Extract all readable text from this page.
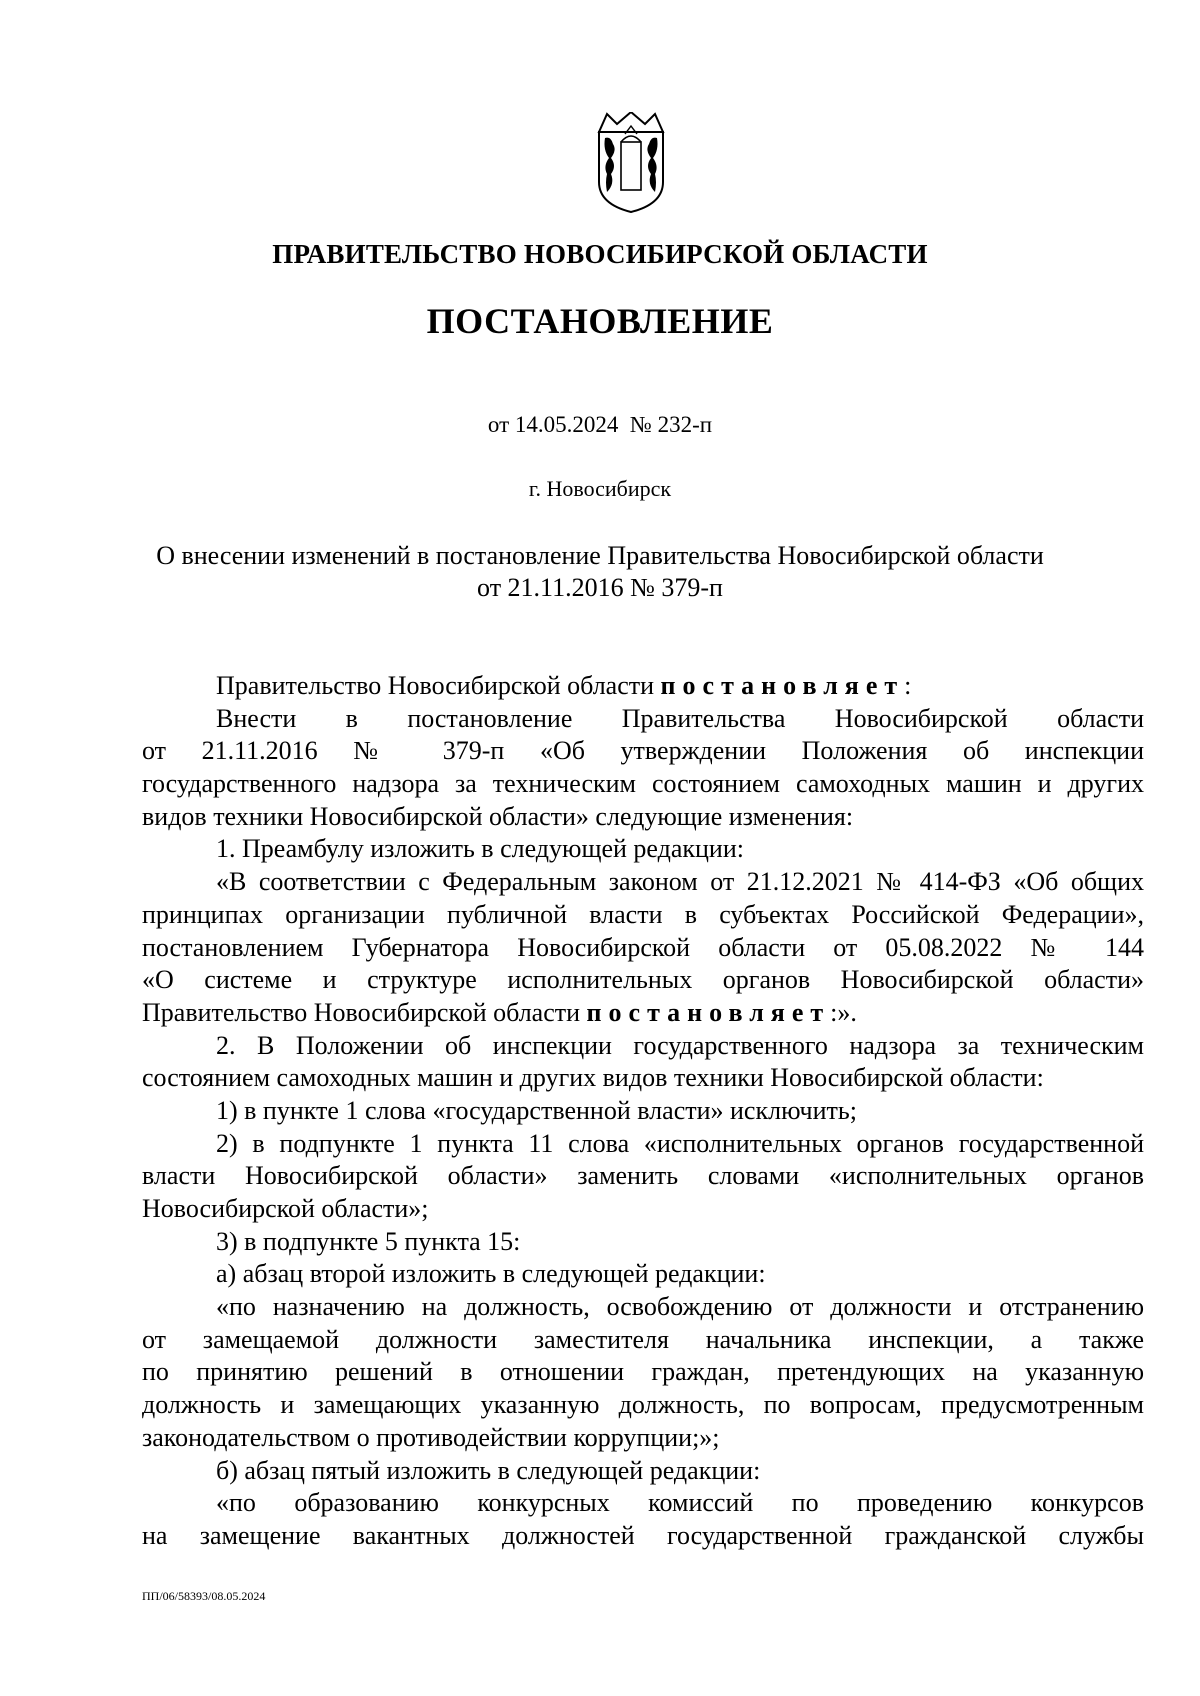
ПРАВИТЕЛЬСТВО НОВОСИБИРСКОЙ ОБЛАСТИ
ПОСТАНОВЛЕНИЕ
от 14.05.2024  № 232-п
г. Новосибирск
О внесении изменений в постановление Правительства Новосибирской области
от 21.11.2016 № 379-п
Правительство Новосибирской области постановляет:
Внести в постановление Правительства Новосибирской области
от 21.11.2016 № 379-п «Об утверждении Положения об инспекции
государственного надзора за техническим состоянием самоходных машин и других
видов техники Новосибирской области» следующие изменения:
1. Преамбулу изложить в следующей редакции:
«В соответствии с Федеральным законом от 21.12.2021 № 414-ФЗ «Об общих
принципах организации публичной власти в субъектах Российской Федерации»,
постановлением Губернатора Новосибирской области от 05.08.2022 № 144
«О системе и структуре исполнительных органов Новосибирской области»
Правительство Новосибирской области постановляет:».
2. В Положении об инспекции государственного надзора за техническим
состоянием самоходных машин и других видов техники Новосибирской области:
1) в пункте 1 слова «государственной власти» исключить;
2) в подпункте 1 пункта 11 слова «исполнительных органов государственной
власти Новосибирской области» заменить словами «исполнительных органов
Новосибирской области»;
3) в подпункте 5 пункта 15:
а) абзац второй изложить в следующей редакции:
«по назначению на должность, освобождению от должности и отстранению
от замещаемой должности заместителя начальника инспекции, а также
по принятию решений в отношении граждан, претендующих на указанную
должность и замещающих указанную должность, по вопросам, предусмотренным
законодательством о противодействии коррупции;»;
б) абзац пятый изложить в следующей редакции:
«по образованию конкурсных комиссий по проведению конкурсов
на замещение вакантных должностей государственной гражданской службы
ПП/06/58393/08.05.2024
